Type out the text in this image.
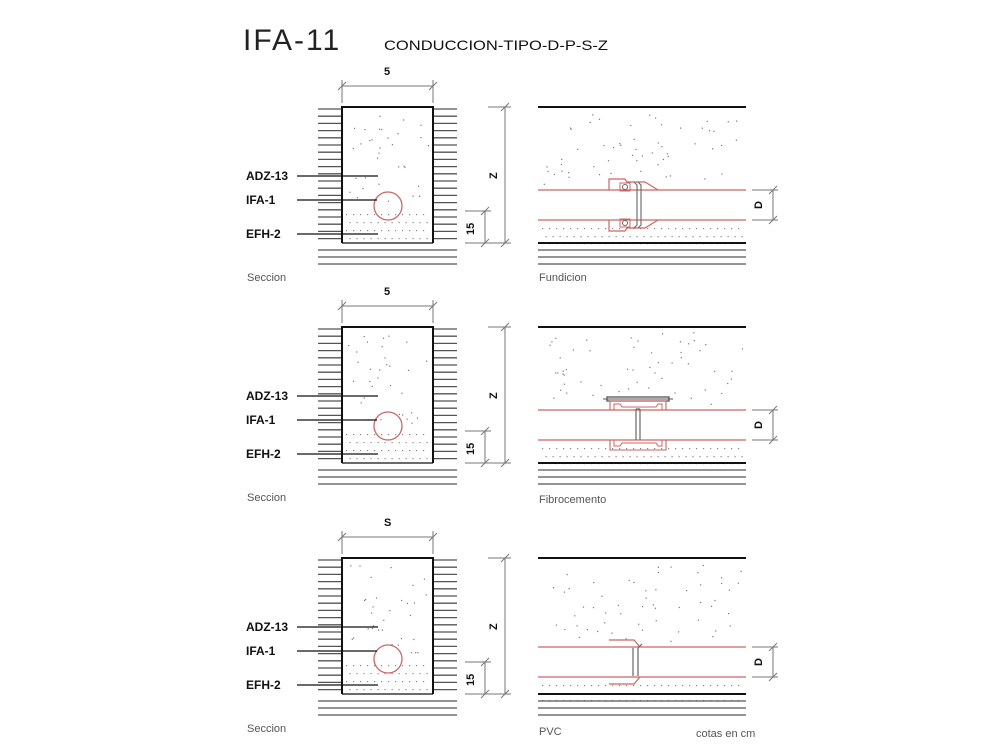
IFA-11	CONDUCCION-TIPO-D-P-S-Z
5
ADZ-13
IFA-1
EFH-2
Z
15
Seccion
D
Fundicion
5
ADZ-13
IFA-1
EFH-2
Z
15
Seccion
D
Fibrocemento
S
ADZ-13
IFA-1
EFH-2
Z
15
Seccion
D
PVC	cotas en cm
